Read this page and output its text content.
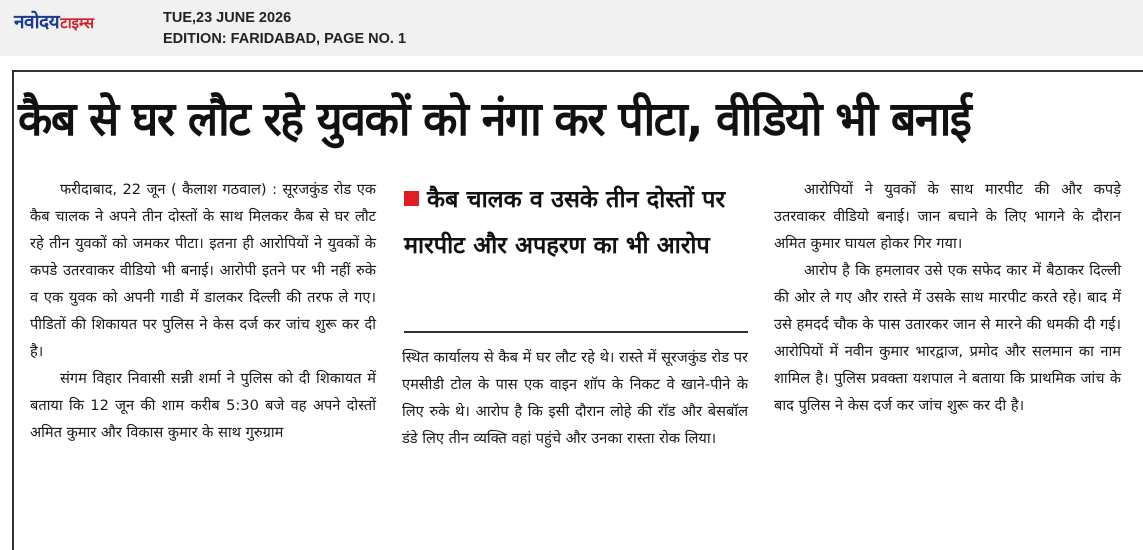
नवोदय टाइम्स	TUE,23 JUNE 2026
EDITION: FARIDABAD, PAGE NO. 1
कैब से घर लौट रहे युवकों को नंगा कर पीटा, वीडियो भी बनाई

फरीदाबाद, 22 जून ( कैलाश गठवाल) : सूरजकुंड रोड एक कैब चालक ने अपने तीन दोस्तों के साथ मिलकर कैब से घर लौट रहे तीन युवकों को जमकर पीटा। इतना ही आरोपियों ने युवकों के कपडे उतरवाकर वीडियो भी बनाई। आरोपी इतने पर भी नहीं रुके व एक युवक को अपनी गाडी में डालकर दिल्ली की तरफ ले गए। पीडितों की शिकायत पर पुलिस ने केस दर्ज कर जांच शुरू कर दी है।

संगम विहार निवासी सन्नी शर्मा ने पुलिस को दी शिकायत में बताया कि 12 जून की शाम करीब 5:30 बजे वह अपने दोस्तों अमित कुमार और विकास कुमार के साथ गुरुग्राम

कैब चालक व उसके तीन दोस्तों पर मारपीट और अपहरण का भी आरोप

स्थित कार्यालय से कैब में घर लौट रहे थे। रास्ते में सूरजकुंड रोड पर एमसीडी टोल के पास एक वाइन शॉप के निकट वे खाने-पीने के लिए रुके थे। आरोप है कि इसी दौरान लोहे की रॉड और बेसबॉल डंडे लिए तीन व्यक्ति वहां पहुंचे और उनका रास्ता रोक लिया।

आरोपियों ने युवकों के साथ मारपीट की और कपड़े उतरवाकर वीडियो बनाई। जान बचाने के लिए भागने के दौरान अमित कुमार घायल होकर गिर गया।

आरोप है कि हमलावर उसे एक सफेद कार में बैठाकर दिल्ली की ओर ले गए और रास्ते में उसके साथ मारपीट करते रहे। बाद में उसे हमदर्द चौक के पास उतारकर जान से मारने की धमकी दी गई। आरोपियों में नवीन कुमार भारद्वाज, प्रमोद और सलमान का नाम शामिल है। पुलिस प्रवक्ता यशपाल ने बताया कि प्राथमिक जांच के बाद पुलिस ने केस दर्ज कर जांच शुरू कर दी है।
